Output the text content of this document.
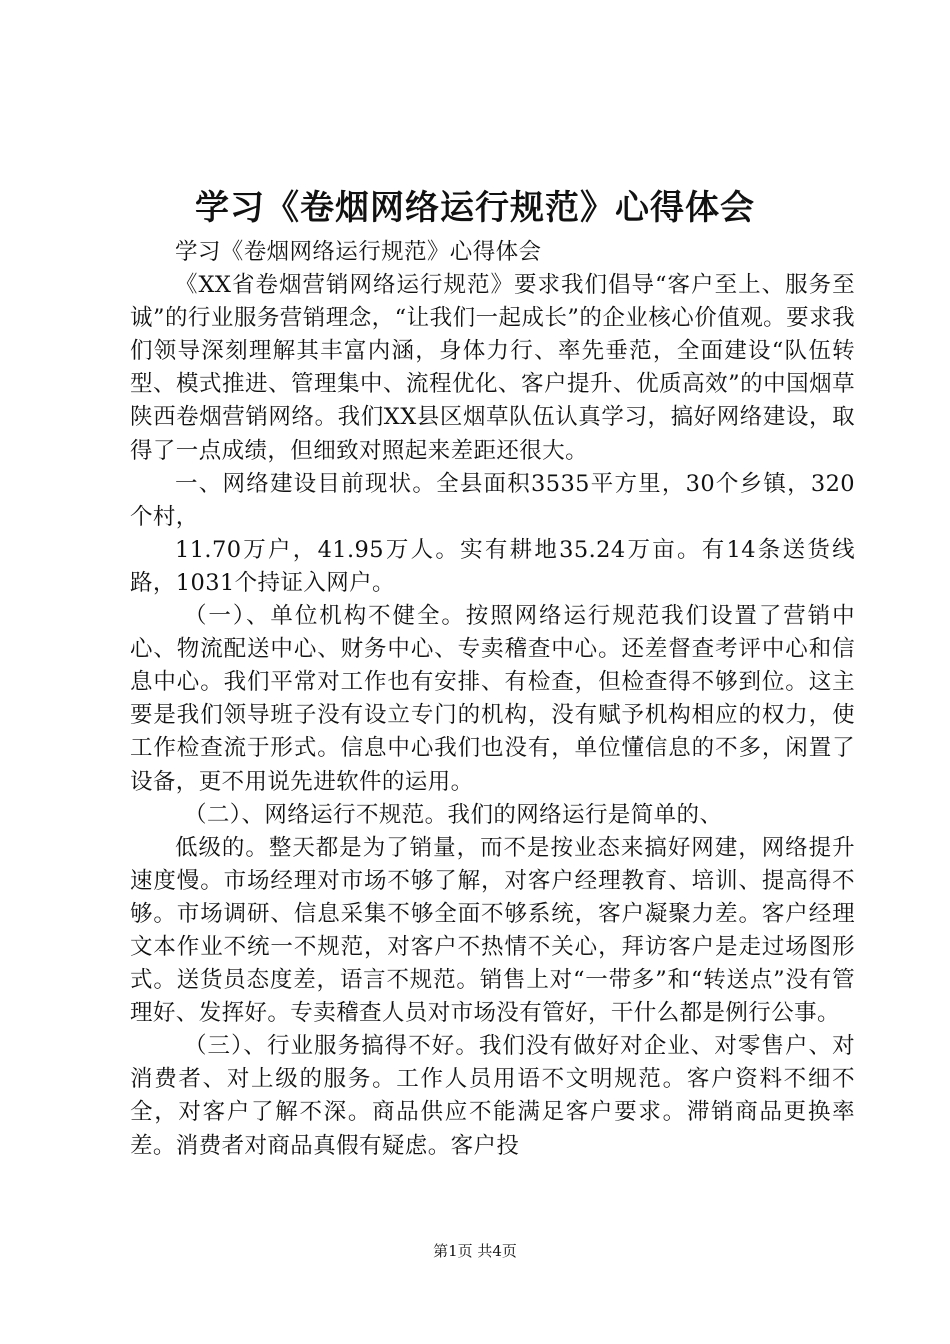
学习《卷烟网络运行规范》心得体会

学习《卷烟网络运行规范》心得体会

《XX省卷烟营销网络运行规范》要求我们倡导“客户至上、服务至诚”的行业服务营销理念，“让我们一起成长”的企业核心价值观。要求我们领导深刻理解其丰富内涵，身体力行、率先垂范，全面建设“队伍转型、模式推进、管理集中、流程优化、客户提升、优质高效”的中国烟草陕西卷烟营销网络。我们XX县区烟草队伍认真学习，搞好网络建设，取得了一点成绩，但细致对照起来差距还很大。

一、网络建设目前现状。全县面积3535平方里，30个乡镇，320个村，

11.70万户，41.95万人。实有耕地35.24万亩。有14条送货线路，1031个持证入网户。

（一）、单位机构不健全。按照网络运行规范我们设置了营销中心、物流配送中心、财务中心、专卖稽查中心。还差督查考评中心和信息中心。我们平常对工作也有安排、有检查，但检查得不够到位。这主要是我们领导班子没有设立专门的机构，没有赋予机构相应的权力，使工作检查流于形式。信息中心我们也没有，单位懂信息的不多，闲置了设备，更不用说先进软件的运用。

（二）、网络运行不规范。我们的网络运行是简单的、

低级的。整天都是为了销量，而不是按业态来搞好网建，网络提升速度慢。市场经理对市场不够了解，对客户经理教育、培训、提高得不够。市场调研、信息采集不够全面不够系统，客户凝聚力差。客户经理文本作业不统一不规范，对客户不热情不关心，拜访客户是走过场图形式。送货员态度差，语言不规范。销售上对“一带多”和“转送点”没有管理好、发挥好。专卖稽查人员对市场没有管好，干什么都是例行公事。

（三）、行业服务搞得不好。我们没有做好对企业、对零售户、对消费者、对上级的服务。工作人员用语不文明规范。客户资料不细不全，对客户了解不深。商品供应不能满足客户要求。滞销商品更换率差。消费者对商品真假有疑虑。客户投

第1页 共4页
